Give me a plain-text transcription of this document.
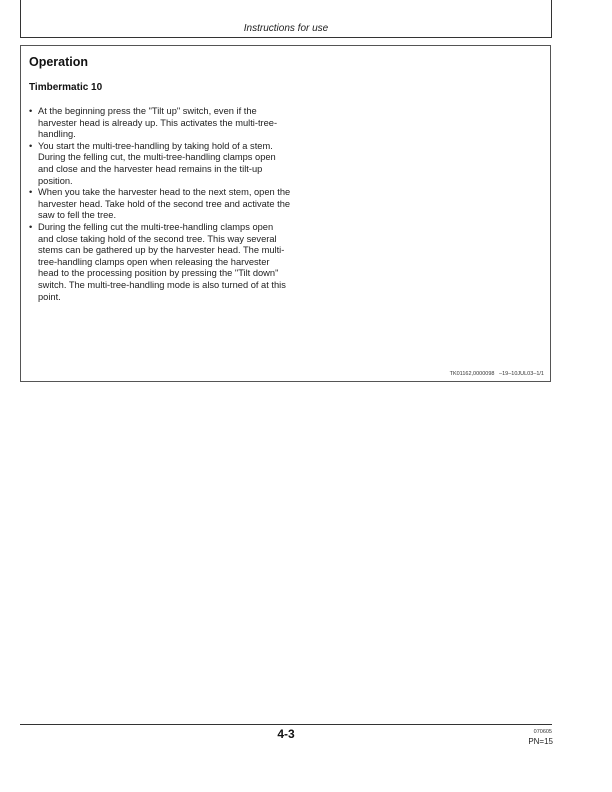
Instructions for use
Operation
Timbermatic 10
• At the beginning press the "Tilt up" switch, even if the harvester head is already up. This activates the multi-tree-handling.
• You start the multi-tree-handling by taking hold of a stem. During the felling cut, the multi-tree-handling clamps open and close and the harvester head remains in the tilt-up position.
• When you take the harvester head to the next stem, open the harvester head. Take hold of the second tree and activate the saw to fell the tree.
• During the felling cut the multi-tree-handling clamps open and close taking hold of the second tree. This way several stems can be gathered up by the harvester head. The multi-tree-handling clamps open when releasing the harvester head to the processing position by pressing the "Tilt down" switch. The multi-tree-handling mode is also turned of at this point.
TK01162,0000098   –19–10JUL03–1/1
4-3	070605
PN=15
